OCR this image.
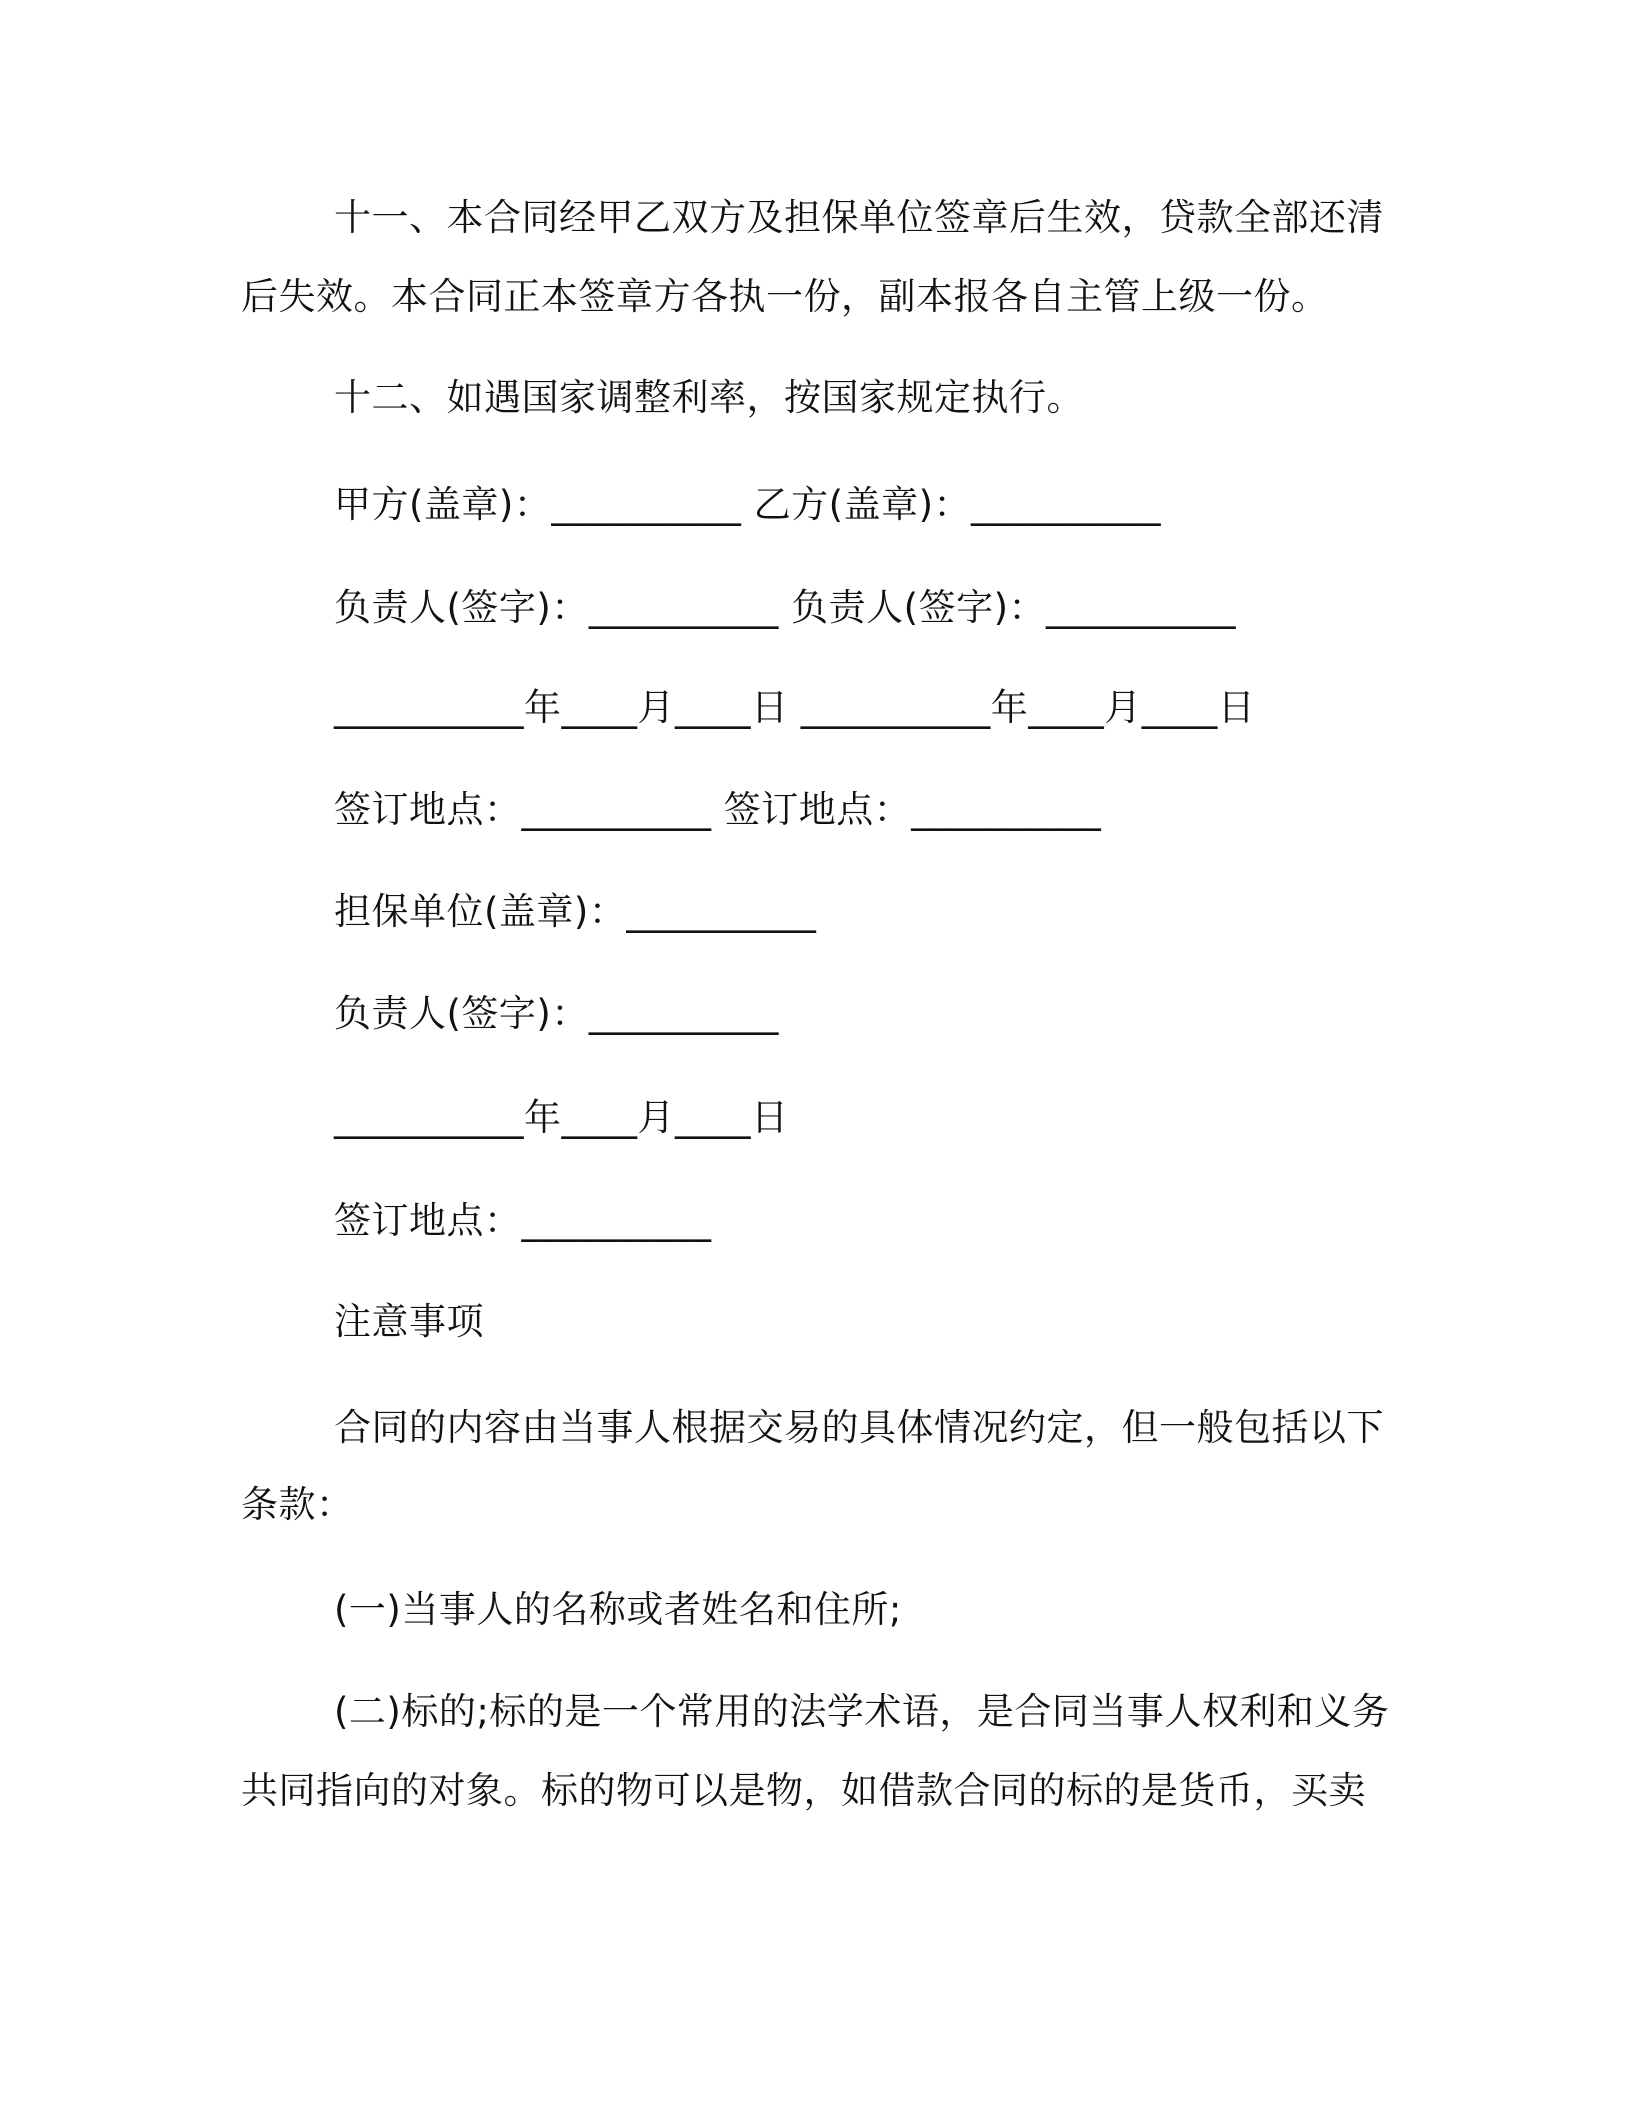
十一、本合同经甲乙双方及担保单位签章后生效，贷款全部还清
后失效。本合同正本签章方各执一份，副本报各自主管上级一份。
十二、如遇国家调整利率，按国家规定执行。
甲方(盖章)：__________ 乙方(盖章)：__________
负责人(签字)：__________ 负责人(签字)：__________
__________年____月____日 __________年____月____日
签订地点：__________ 签订地点：__________
担保单位(盖章)：__________
负责人(签字)：__________
__________年____月____日
签订地点：__________
注意事项
合同的内容由当事人根据交易的具体情况约定，但一般包括以下
条款：
(一)当事人的名称或者姓名和住所;
(二)标的;标的是一个常用的法学术语，是合同当事人权利和义务
共同指向的对象。标的物可以是物，如借款合同的标的是货币，买卖
